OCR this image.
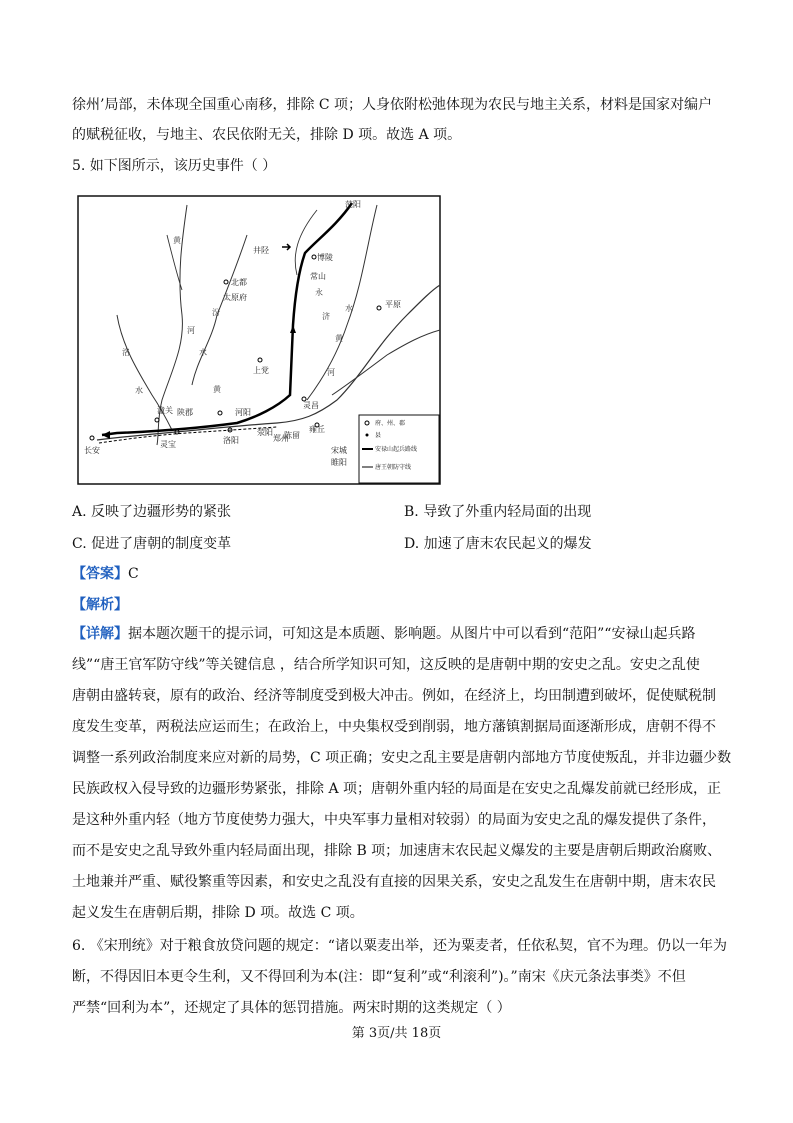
徐州’局部，未体现全国重心南移，排除 C 项；人身依附松弛体现为农民与地主关系，材料是国家对编户
的赋税征收，与地主、农民依附无关，排除 D 项。故选 A 项。
5. 如下图所示，该历史事件（ ）
范阳
博陵
常山
井陉
北都
太原府
平原
上党
潼关 陕郡	河阳
灵昌
长安
灵宝	洛阳
荥阳
郑州
陈留
雍丘
宋城
睢阳
黄
河
汾
水
洛
水	黄
黄
河
济
水
永
府、州、郡
县
安禄山起兵路线
唐王朝防守线
A. 反映了边疆形势的紧张	B. 导致了外重内轻局面的出现
C. 促进了唐朝的制度变革	D. 加速了唐末农民起义的爆发
【答案】C
【解析】
【详解】据本题次题干的提示词，可知这是本质题、影响题。从图片中可以看到“范阳”“安禄山起兵路
线”“唐王官军防守线”等关键信息 ，结合所学知识可知，这反映的是唐朝中期的安史之乱。安史之乱使
唐朝由盛转衰，原有的政治、经济等制度受到极大冲击。例如，在经济上，均田制遭到破坏，促使赋税制
度发生变革，两税法应运而生；在政治上，中央集权受到削弱，地方藩镇割据局面逐渐形成，唐朝不得不
调整一系列政治制度来应对新的局势，C 项正确；安史之乱主要是唐朝内部地方节度使叛乱，并非边疆少数
民族政权入侵导致的边疆形势紧张，排除 A 项；唐朝外重内轻的局面是在安史之乱爆发前就已经形成，正
是这种外重内轻（地方节度使势力强大，中央军事力量相对较弱）的局面为安史之乱的爆发提供了条件，
而不是安史之乱导致外重内轻局面出现，排除 B 项；加速唐末农民起义爆发的主要是唐朝后期政治腐败、
土地兼并严重、赋役繁重等因素，和安史之乱没有直接的因果关系，安史之乱发生在唐朝中期，唐末农民
起义发生在唐朝后期，排除 D 项。故选 C 项。
6. 《宋刑统》对于粮食放贷问题的规定：“诸以粟麦出举，还为粟麦者，任依私契，官不为理。仍以一年为
断，不得因旧本更令生利，又不得回利为本(注：即“复利”或“利滚利”)。”南宋《庆元条法事类》不但
严禁“回利为本”，还规定了具体的惩罚措施。两宋时期的这类规定（ ）
第 3页/共 18页
